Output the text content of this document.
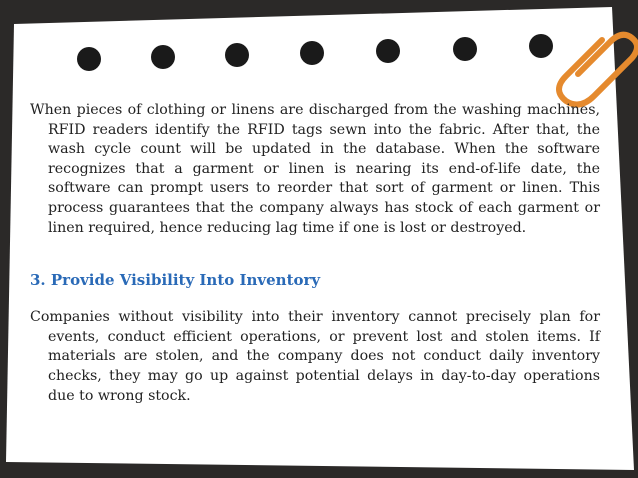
When pieces of clothing or linens are discharged from the washing machines, RFID readers identify the RFID tags sewn into the fabric. After that, the wash cycle count will be updated in the database. When the software recognizes that a garment or linen is nearing its end-of-life date, the software can prompt users to reorder that sort of garment or linen. This process guarantees that the company always has stock of each garment or linen required, hence reducing lag time if one is lost or destroyed.

3. Provide Visibility Into Inventory

Companies without visibility into their inventory cannot precisely plan for events, conduct efficient operations, or prevent lost and stolen items. If materials are stolen, and the company does not conduct daily inventory checks, they may go up against potential delays in day-to-day operations due to wrong stock.
